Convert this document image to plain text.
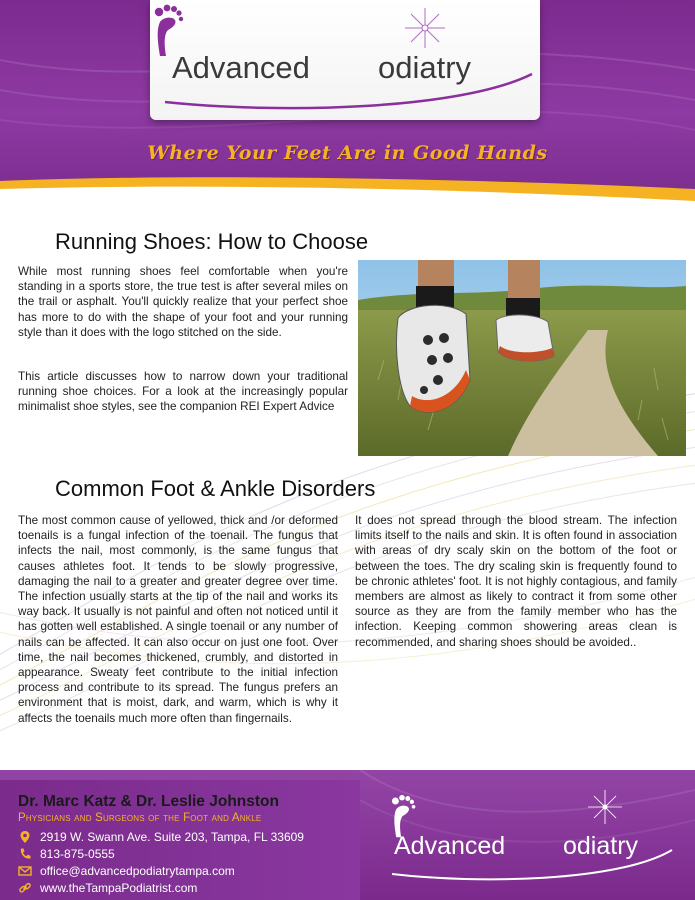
Advanced odiatry
Where Your Feet Are in Good Hands
Running Shoes: How to Choose

While most running shoes feel comfortable when you're standing in a sports store, the true test is after several miles on the trail or asphalt. You'll quickly realize that your perfect shoe has more to do with the shape of your foot and your running style than it does with the logo stitched on the side.

This article discusses how to narrow down your traditional running shoe choices. For a look at the increasingly popular minimalist shoe styles, see the companion REI Expert Advice

Common Foot & Ankle Disorders

The most common cause of yellowed, thick and /or deformed toenails is a fungal infection of the toenail. The fungus that infects the nail, most commonly, is the same fungus that causes athletes foot. It tends to be slowly progressive, damaging the nail to a greater and greater degree over time. The infection usually starts at the tip of the nail and works its way back. It usually is not painful and often not noticed until it has gotten well established. A single toenail or any number of nails can be affected. It can also occur on just one foot. Over time, the nail becomes thickened, crumbly, and distorted in appearance. Sweaty feet contribute to the initial infection process and contribute to its spread. The fungus prefers an environment that is moist, dark, and warm, which is why it affects the toenails much more often than fingernails.

It does not spread through the blood stream. The infection limits itself to the nails and skin. It is often found in association with areas of dry scaly skin on the bottom of the foot or between the toes. The dry scaling skin is frequently found to be chronic athletes' foot. It is not highly contagious, and family members are almost as likely to contract it from some other source as they are from the family member who has the infection. Keeping common showering areas clean is recommended, and sharing shoes should be avoided..

Dr. Marc Katz & Dr. Leslie Johnston
Physicians and Surgeons of the Foot and Ankle
2919 W. Swann Ave. Suite 203, Tampa, FL 33609
813-875-0555
office@advancedpodiatrytampa.com
www.theTampaPodiatrist.com
Advanced odiatry
